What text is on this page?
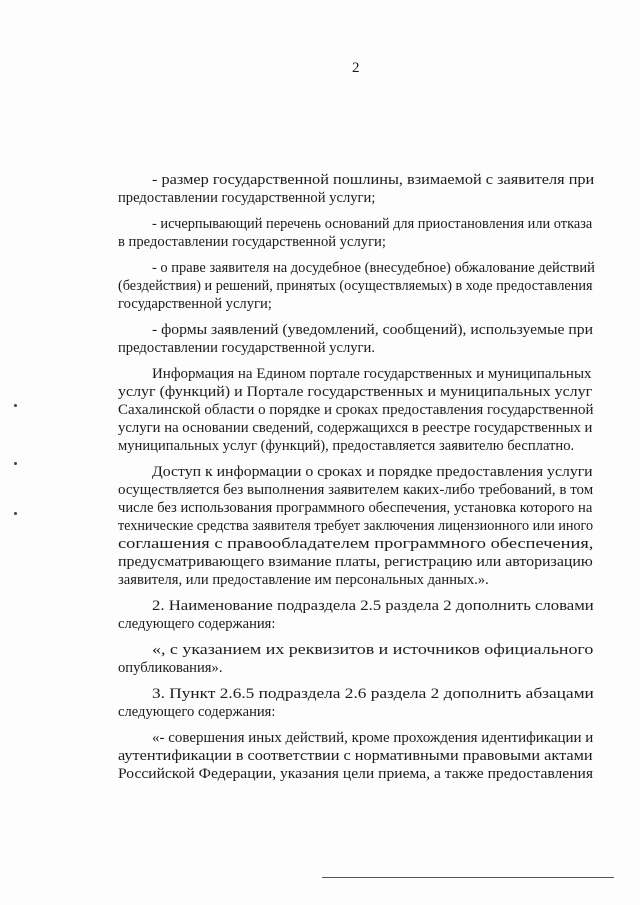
2
- размер государственной пошлины, взимаемой с заявителя при
предоставлении государственной услуги;
- исчерпывающий перечень оснований для приостановления или отказа
в предоставлении государственной услуги;
- о праве заявителя на досудебное (внесудебное) обжалование действий
(бездействия) и решений, принятых (осуществляемых) в ходе предоставления
государственной услуги;
- формы заявлений (уведомлений, сообщений), используемые при
предоставлении государственной услуги.
Информация на Едином портале государственных и муниципальных
услуг (функций) и Портале государственных и муниципальных услуг
Сахалинской области о порядке и сроках предоставления государственной
услуги на основании сведений, содержащихся в реестре государственных и
муниципальных услуг (функций), предоставляется заявителю бесплатно.
Доступ к информации о сроках и порядке предоставления услуги
осуществляется без выполнения заявителем каких-либо требований, в том
числе без использования программного обеспечения, установка которого на
технические средства заявителя требует заключения лицензионного или иного
соглашения с правообладателем программного обеспечения,
предусматривающего взимание платы, регистрацию или авторизацию
заявителя, или предоставление им персональных данных.».
2. Наименование подраздела 2.5 раздела 2 дополнить словами
следующего содержания:
«, с указанием их реквизитов и источников официального
опубликования».
3. Пункт 2.6.5 подраздела 2.6 раздела 2 дополнить абзацами
следующего содержания:
«- совершения иных действий, кроме прохождения идентификации и
аутентификации в соответствии с нормативными правовыми актами
Российской Федерации, указания цели приема, а также предоставления
